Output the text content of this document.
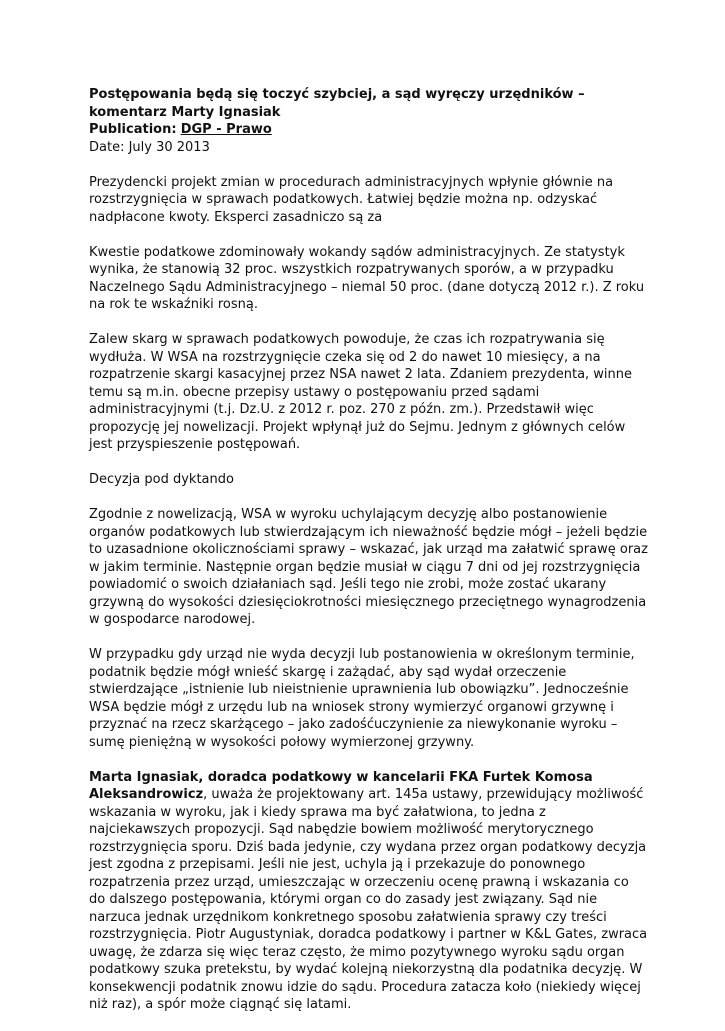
Postępowania będą się toczyć szybciej, a sąd wyręczy urzędników – komentarz Marty Ignasiak

Publication: DGP - Prawo

Date: July 30 2013

Prezydencki projekt zmian w procedurach administracyjnych wpłynie głównie na rozstrzygnięcia w sprawach podatkowych. Łatwiej będzie można np. odzyskać nadpłacone kwoty. Eksperci zasadniczo są za

Kwestie podatkowe zdominowały wokandy sądów administracyjnych. Ze statystyk wynika, że stanowią 32 proc. wszystkich rozpatrywanych sporów, a w przypadku Naczelnego Sądu Administracyjnego – niemal 50 proc. (dane dotyczą 2012 r.). Z roku na rok te wskaźniki rosną.

Zalew skarg w sprawach podatkowych powoduje, że czas ich rozpatrywania się wydłuża. W WSA na rozstrzygnięcie czeka się od 2 do nawet 10 miesięcy, a na rozpatrzenie skargi kasacyjnej przez NSA nawet 2 lata. Zdaniem prezydenta, winne temu są m.in. obecne przepisy ustawy o postępowaniu przed sądami administracyjnymi (t.j. Dz.U. z 2012 r. poz. 270 z późn. zm.). Przedstawił więc propozycję jej nowelizacji. Projekt wpłynął już do Sejmu. Jednym z głównych celów jest przyspieszenie postępowań.

Decyzja pod dyktando

Zgodnie z nowelizacją, WSA w wyroku uchylającym decyzję albo postanowienie organów podatkowych lub stwierdzającym ich nieważność będzie mógł – jeżeli będzie to uzasadnione okolicznościami sprawy – wskazać, jak urząd ma załatwić sprawę oraz w jakim terminie. Następnie organ będzie musiał w ciągu 7 dni od jej rozstrzygnięcia powiadomić o swoich działaniach sąd. Jeśli tego nie zrobi, może zostać ukarany grzywną do wysokości dziesięciokrotności miesięcznego przeciętnego wynagrodzenia w gospodarce narodowej.

W przypadku gdy urząd nie wyda decyzji lub postanowienia w określonym terminie, podatnik będzie mógł wnieść skargę i zażądać, aby sąd wydał orzeczenie stwierdzające „istnienie lub nieistnienie uprawnienia lub obowiązku”. Jednocześnie WSA będzie mógł z urzędu lub na wniosek strony wymierzyć organowi grzywnę i przyznać na rzecz skarżącego – jako zadośćuczynienie za niewykonanie wyroku – sumę pieniężną w wysokości połowy wymierzonej grzywny.

Marta Ignasiak, doradca podatkowy w kancelarii FKA Furtek Komosa Aleksandrowicz, uważa że projektowany art. 145a ustawy, przewidujący możliwość wskazania w wyroku, jak i kiedy sprawa ma być załatwiona, to jedna z najciekawszych propozycji. Sąd nabędzie bowiem możliwość merytorycznego rozstrzygnięcia sporu. Dziś bada jedynie, czy wydana przez organ podatkowy decyzja jest zgodna z przepisami. Jeśli nie jest, uchyla ją i przekazuje do ponownego rozpatrzenia przez urząd, umieszczając w orzeczeniu ocenę prawną i wskazania co do dalszego postępowania, którymi organ co do zasady jest związany. Sąd nie narzuca jednak urzędnikom konkretnego sposobu załatwienia sprawy czy treści rozstrzygnięcia. Piotr Augustyniak, doradca podatkowy i partner w K&L Gates, zwraca uwagę, że zdarza się więc teraz często, że mimo pozytywnego wyroku sądu organ podatkowy szuka pretekstu, by wydać kolejną niekorzystną dla podatnika decyzję. W konsekwencji podatnik znowu idzie do sądu. Procedura zatacza koło (niekiedy więcej niż raz), a spór może ciągnąć się latami.
